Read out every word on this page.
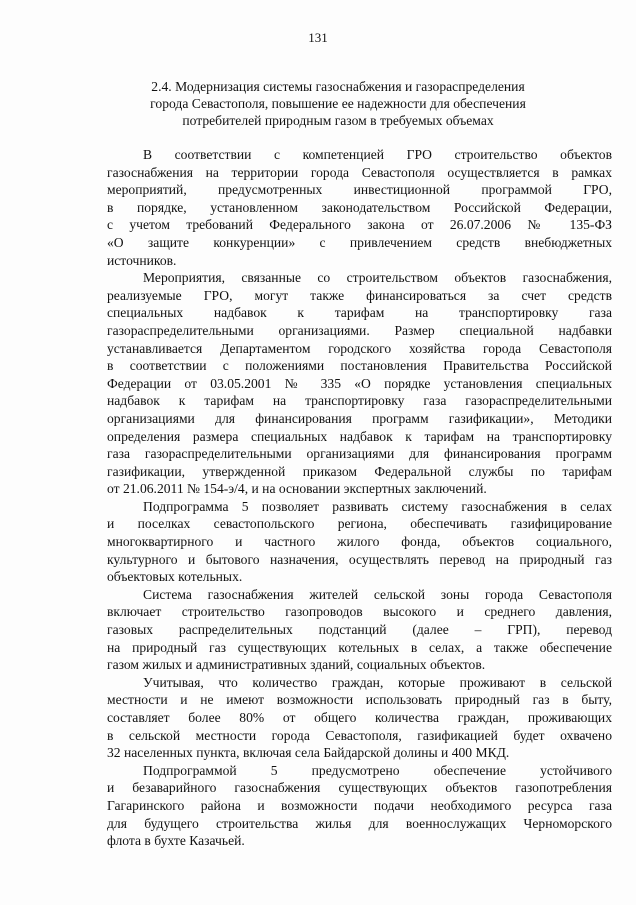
131
2.4. Модернизация системы газоснабжения и газораспределения
города Севастополя, повышение ее надежности для обеспечения
потребителей природным газом в требуемых объемах

В соответствии с компетенцией ГРО строительство объектов
газоснабжения на территории города Севастополя осуществляется в рамках
мероприятий, предусмотренных инвестиционной программой ГРО,
в порядке, установленном законодательством Российской Федерации,
с учетом требований Федерального закона от 26.07.2006 № 135-ФЗ
«О защите конкуренции» с привлечением средств внебюджетных
источников.

Мероприятия, связанные со строительством объектов газоснабжения,
реализуемые ГРО, могут также финансироваться за счет средств
специальных надбавок к тарифам на транспортировку газа
газораспределительными организациями. Размер специальной надбавки
устанавливается Департаментом городского хозяйства города Севастополя
в соответствии с положениями постановления Правительства Российской
Федерации от 03.05.2001 № 335 «О порядке установления специальных
надбавок к тарифам на транспортировку газа газораспределительными
организациями для финансирования программ газификации», Методики
определения размера специальных надбавок к тарифам на транспортировку
газа газораспределительными организациями для финансирования программ
газификации, утвержденной приказом Федеральной службы по тарифам
от 21.06.2011 № 154-э/4, и на основании экспертных заключений.

Подпрограмма 5 позволяет развивать систему газоснабжения в селах
и поселках севастопольского региона, обеспечивать газифицирование
многоквартирного и частного жилого фонда, объектов социального,
культурного и бытового назначения, осуществлять перевод на природный газ
объектовых котельных.

Система газоснабжения жителей сельской зоны города Севастополя
включает строительство газопроводов высокого и среднего давления,
газовых распределительных подстанций (далее – ГРП), перевод
на природный газ существующих котельных в селах, а также обеспечение
газом жилых и административных зданий, социальных объектов.

Учитывая, что количество граждан, которые проживают в сельской
местности и не имеют возможности использовать природный газ в быту,
составляет более 80% от общего количества граждан, проживающих
в сельской местности города Севастополя, газификацией будет охвачено
32 населенных пункта, включая села Байдарской долины и 400 МКД.

Подпрограммой 5 предусмотрено обеспечение устойчивого
и безаварийного газоснабжения существующих объектов газопотребления
Гагаринского района и возможности подачи необходимого ресурса газа
для будущего строительства жилья для военнослужащих Черноморского
флота в бухте Казачьей.
